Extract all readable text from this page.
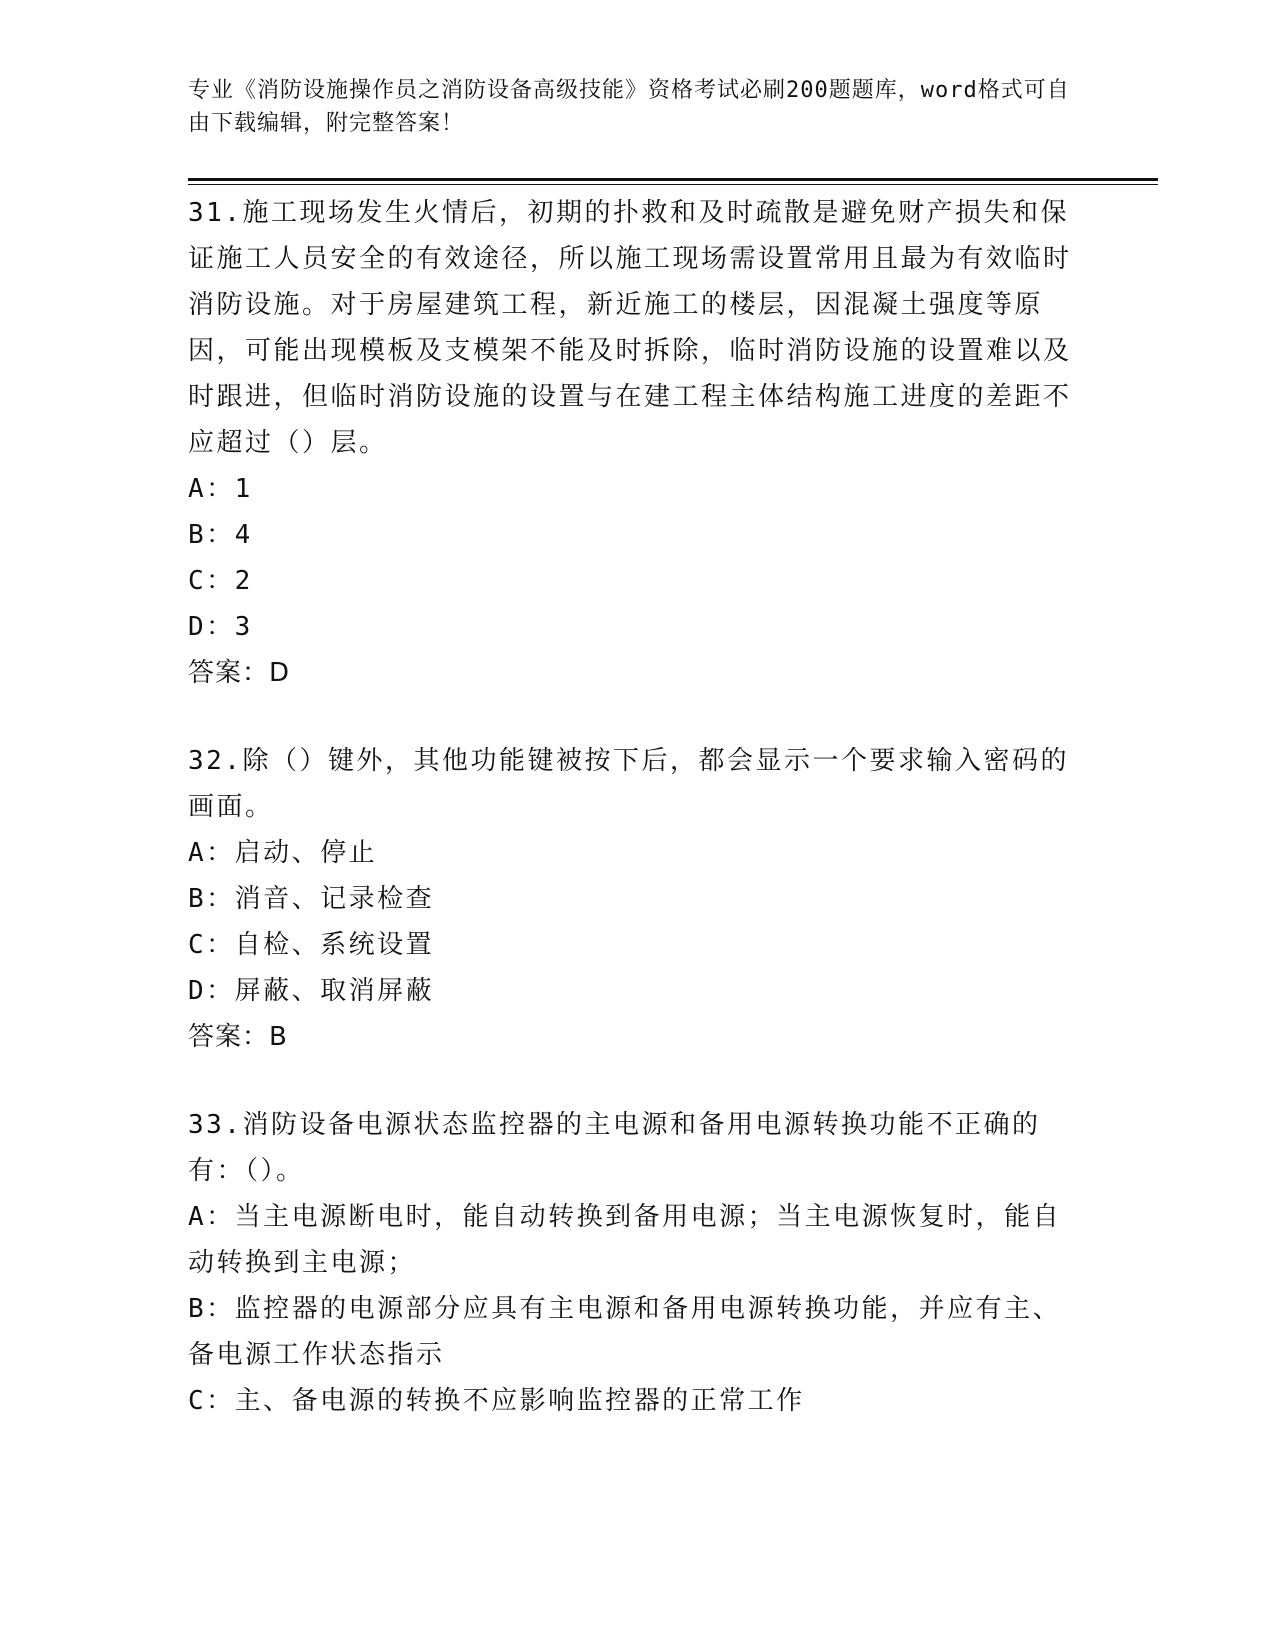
专业《消防设施操作员之消防设备高级技能》资格考试必刷200题题库，word格式可自由下载编辑，附完整答案！
31.施工现场发生火情后，初期的扑救和及时疏散是避免财产损失和保证施工人员安全的有效途径，所以施工现场需设置常用且最为有效临时消防设施。对于房屋建筑工程，新近施工的楼层，因混凝土强度等原因，可能出现模板及支模架不能及时拆除，临时消防设施的设置难以及时跟进，但临时消防设施的设置与在建工程主体结构施工进度的差距不应超过（）层。
A：1
B：4
C：2
D：3
答案：D
32.除（）键外，其他功能键被按下后，都会显示一个要求输入密码的画面。
A：启动、停止
B：消音、记录检查
C：自检、系统设置
D：屏蔽、取消屏蔽
答案：B
33.消防设备电源状态监控器的主电源和备用电源转换功能不正确的有：（）。
A：当主电源断电时，能自动转换到备用电源；当主电源恢复时，能自动转换到主电源；
B：监控器的电源部分应具有主电源和备用电源转换功能，并应有主、备电源工作状态指示
C：主、备电源的转换不应影响监控器的正常工作
